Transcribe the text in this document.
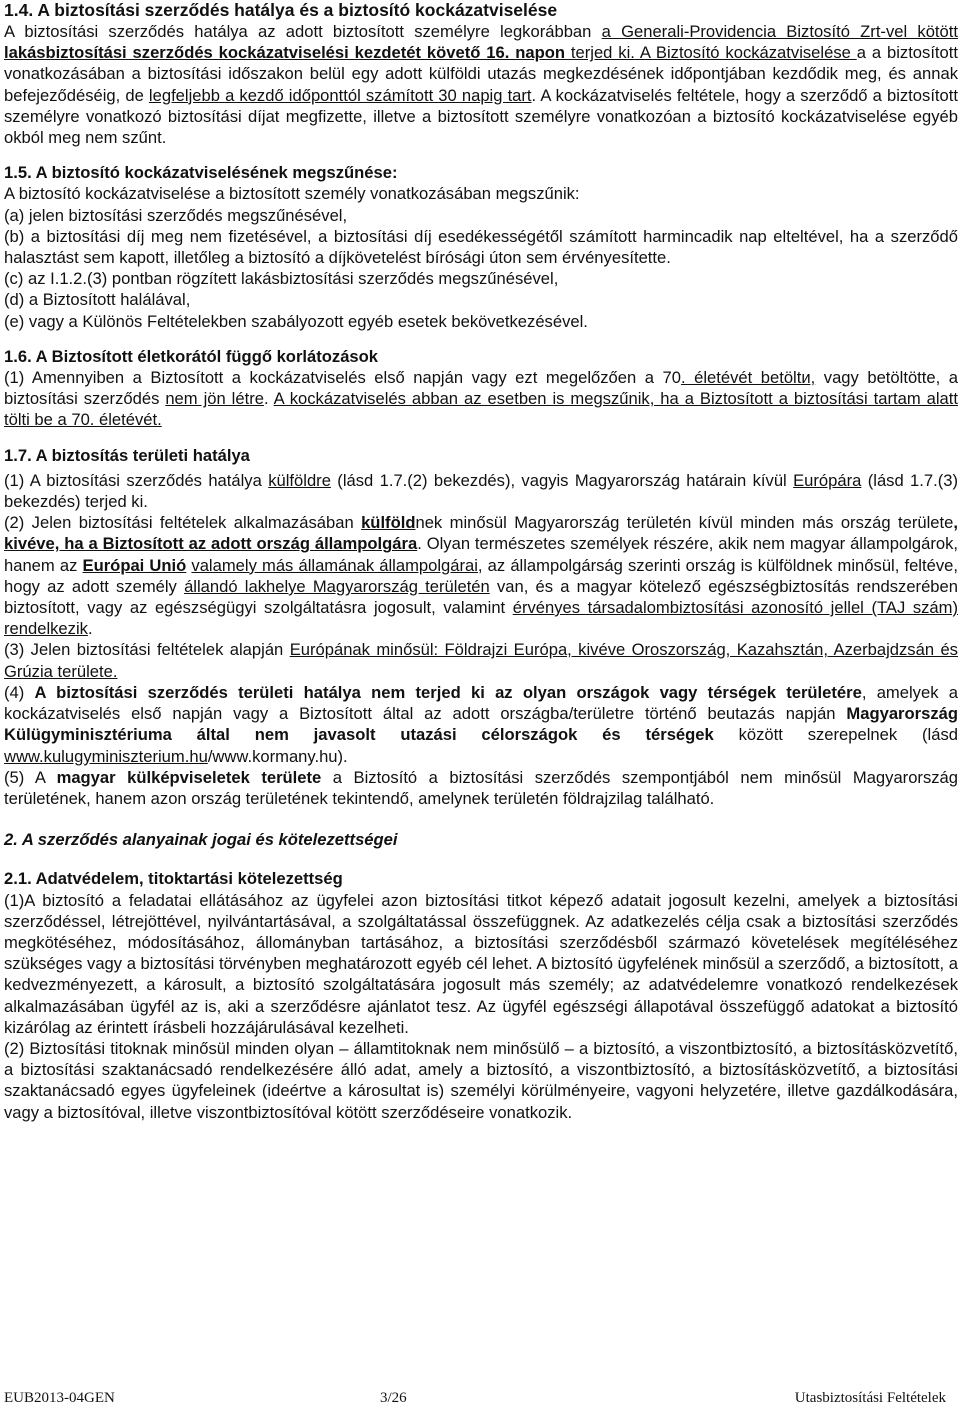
1.4. A biztosítási szerződés hatálya és a biztosító kockázatviselése

A biztosítási szerződés hatálya az adott biztosított személyre legkorábban a Generali-Providencia Biztosító Zrt-vel kötött lakásbiztosítási szerződés kockázatviselési kezdetét követő 16. napon terjed ki. A Biztosító kockázatviselése a a biztosított vonatkozásában a biztosítási időszakon belül egy adott külföldi utazás megkezdésének időpontjában kezdődik meg, és annak befejeződéséig, de legfeljebb a kezdő időponttól számított 30 napig tart. A kockázatviselés feltétele, hogy a szerződő a biztosított személyre vonatkozó biztosítási díjat megfizette, illetve a biztosított személyre vonatkozóan a biztosító kockázatviselése egyéb okból meg nem szűnt.

1.5. A biztosító kockázatviselésének megszűnése:

A biztosító kockázatviselése a biztosított személy vonatkozásában megszűnik:

(a) jelen biztosítási szerződés megszűnésével,

(b) a biztosítási díj meg nem fizetésével, a biztosítási díj esedékességétől számított harmincadik nap elteltével, ha a szerződő halasztást sem kapott, illetőleg a biztosító a díjkövetelést bírósági úton sem érvényesítette.

(c) az I.1.2.(3) pontban rögzített lakásbiztosítási szerződés megszűnésével,

(d) a Biztosított halálával,

(e) vagy a Különös Feltételekben szabályozott egyéb esetek bekövetkezésével.

1.6. A Biztosított életkorától függő korlátozások

(1) Amennyiben a Biztosított a kockázatviselés első napján vagy ezt megelőzően a 70. életévét betöltи, vagy betöltötte, a biztosítási szerződés nem jön létre. A kockázatviselés abban az esetben is megszűnik, ha a Biztosított a biztosítási tartam alatt tölti be a 70. életévét.

1.7. A biztosítás területi hatálya

(1) A biztosítási szerződés hatálya külföldre (lásd 1.7.(2) bekezdés), vagyis Magyarország határain kívül Európára (lásd 1.7.(3) bekezdés) terjed ki.

(2) Jelen biztosítási feltételek alkalmazásában külföldnek minősül Magyarország területén kívül minden más ország területe, kivéve, ha a Biztosított az adott ország állampolgára. Olyan természetes személyek részére, akik nem magyar állampolgárok, hanem az Európai Unió valamely más államának állampolgárai, az állampolgárság szerinti ország is külföldnek minősül, feltéve, hogy az adott személy állandó lakhelye Magyarország területén van, és a magyar kötelező egészségbiztosítás rendszerében biztosított, vagy az egészségügyi szolgáltatásra jogosult, valamint érvényes társadalombiztosítási azonosító jellel (TAJ szám) rendelkezik.

(3) Jelen biztosítási feltételek alapján Európának minősül: Földrajzi Európa, kivéve Oroszország, Kazahsztán, Azerbajdzsán és Grúzia területe.

(4) A biztosítási szerződés területi hatálya nem terjed ki az olyan országok vagy térségek területére, amelyek a kockázatviselés első napján vagy a Biztosított által az adott országba/területre történő beutazás napján Magyarország Külügyminisztériuma által nem javasolt utazási célországok és térségek között szerepelnek (lásd www.kulugyminiszterium.hu/www.kormany.hu).

(5) A magyar külképviseletek területe a Biztosító a biztosítási szerződés szempontjából nem minősül Magyarország területének, hanem azon ország területének tekintendő, amelynek területén földrajzilag található.

2. A szerződés alanyainak jogai és kötelezettségei
2.1. Adatvédelem, titoktartási kötelezettség

(1)A biztosító a feladatai ellátásához az ügyfelei azon biztosítási titkot képező adatait jogosult kezelni, amelyek a biztosítási szerződéssel, létrejöttével, nyilvántartásával, a szolgáltatással összefüggnek. Az adatkezelés célja csak a biztosítási szerződés megkötéséhez, módosításához, állományban tartásához, a biztosítási szerződésből származó követelések megítéléséhez szükséges vagy a biztosítási törvényben meghatározott egyéb cél lehet. A biztosító ügyfelének minősül a szerződő, a biztosított, a kedvezményezett, a károsult, a biztosító szolgáltatására jogosult más személy; az adatvédelemre vonatkozó rendelkezések alkalmazásában ügyfél az is, aki a szerződésre ajánlatot tesz. Az ügyfél egészségi állapotával összefüggő adatokat a biztosító kizárólag az érintett írásbeli hozzájárulásával kezelheti.

(2) Biztosítási titoknak minősül minden olyan – államtitoknak nem minősülő – a biztosító, a viszontbiztosító, a biztosításközvetítő, a biztosítási szaktanácsadó rendelkezésére álló adat, amely a biztosító, a viszontbiztosító, a biztosításközvetítő, a biztosítási szaktanácsadó egyes ügyfeleinek (ideértve a károsultat is) személyi körülményeire, vagyoni helyzetére, illetve gazdálkodására, vagy a biztosítóval, illetve viszontbiztosítóval kötött szerződéseire vonatkozik.

EUB2013-04GEN	3/26	Utasbiztosítási Feltételek
